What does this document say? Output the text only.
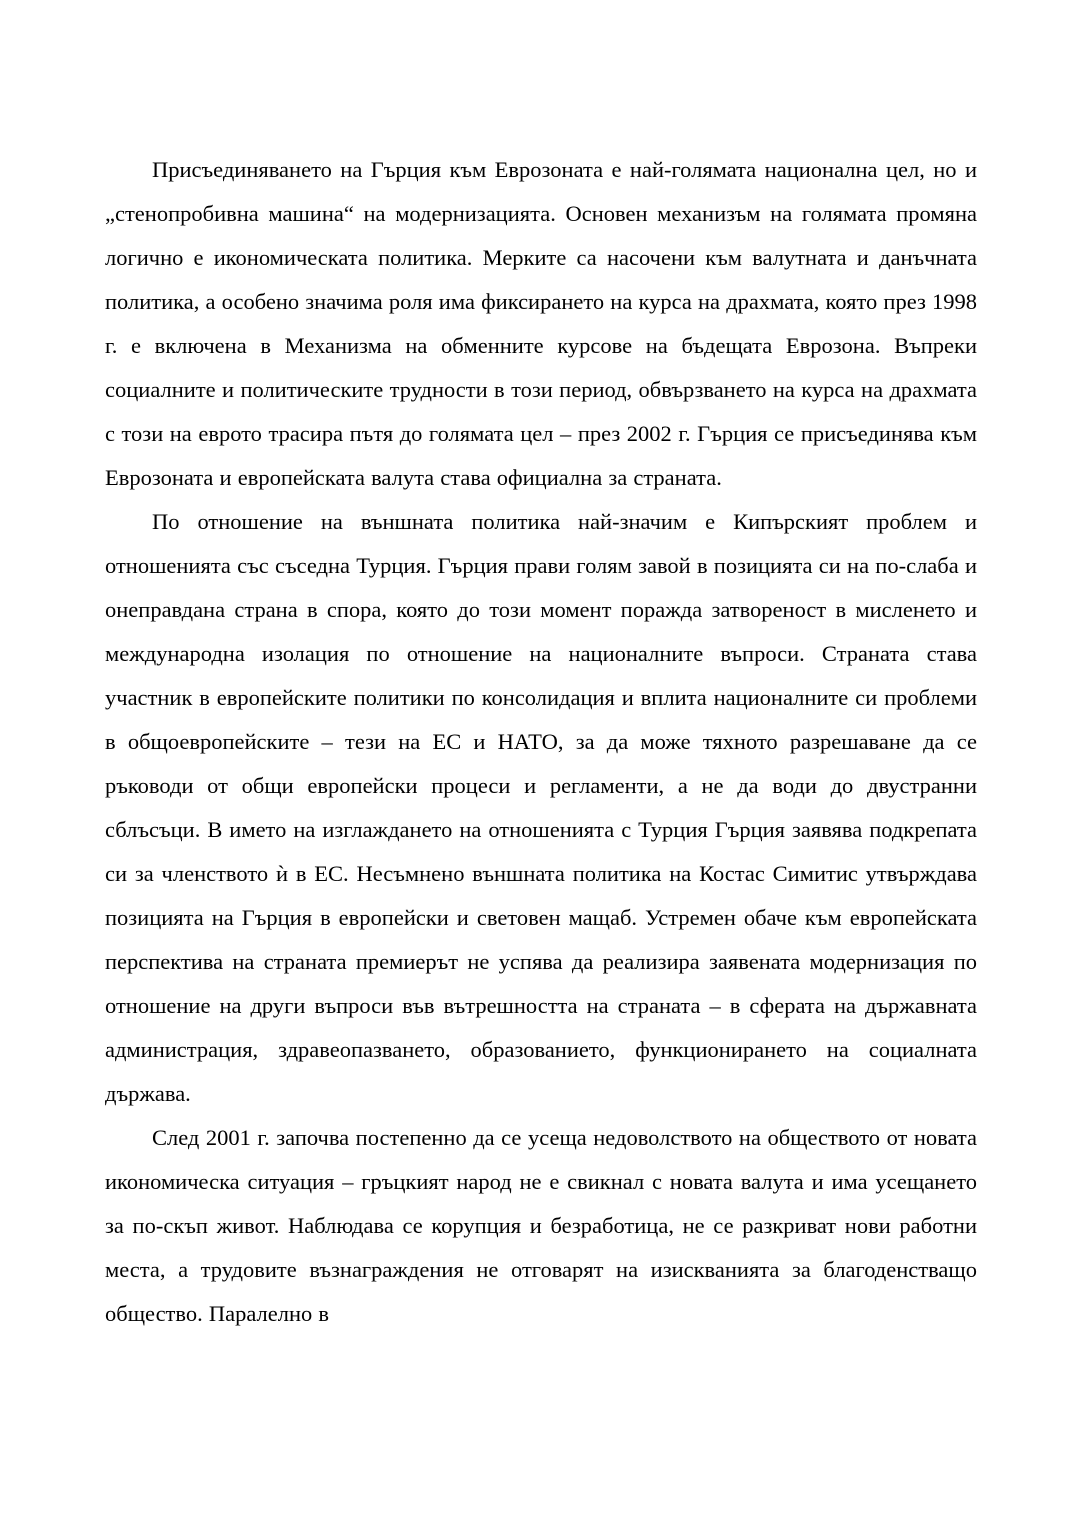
Присъединяването на Гърция към Еврозоната е най-голямата национална цел, но и „стенопробивна машина“ на модернизацията. Основен механизъм на голямата промяна логично е икономическата политика. Мерките са насочени към валутната и данъчната политика, а особено значима роля има фиксирането на курса на драхмата, която през 1998 г. е включена в Механизма на обменните курсове на бъдещата Еврозона. Въпреки социалните и политическите трудности в този период, обвързването на курса на драхмата с този на еврото трасира пътя до голямата цел – през 2002 г. Гърция се присъединява към Еврозоната и европейската валута става официална за страната.

По отношение на външната политика най-значим е Кипърският проблем и отношенията със съседна Турция. Гърция прави голям завой в позицията си на по-слаба и онеправдана страна в спора, която до този момент поражда затвореност в мисленето и международна изолация по отношение на националните въпроси. Страната става участник в европейските политики по консолидация и вплита националните си проблеми в общоевропейските – тези на ЕС и НАТО, за да може тяхното разрешаване да се ръководи от общи европейски процеси и регламенти, а не да води до двустранни сблъсъци. В името на изглаждането на отношенията с Турция Гърция заявява подкрепата си за членството ѝ в ЕС. Несъмнено външната политика на Костас Симитис утвърждава позицията на Гърция в европейски и световен мащаб. Устремен обаче към европейската перспектива на страната премиерът не успява да реализира заявената модернизация по отношение на други въпроси във вътрешността на страната – в сферата на държавната администрация, здравеопазването, образованието, функционирането на социалната държава.

След 2001 г. започва постепенно да се усеща недоволството на обществото от новата икономическа ситуация – гръцкият народ не е свикнал с новата валута и има усещането за по-скъп живот. Наблюдава се корупция и безработица, не се разкриват нови работни места, а трудовите възнаграждения не отговарят на изискванията за благоденстващо общество. Паралелно в
